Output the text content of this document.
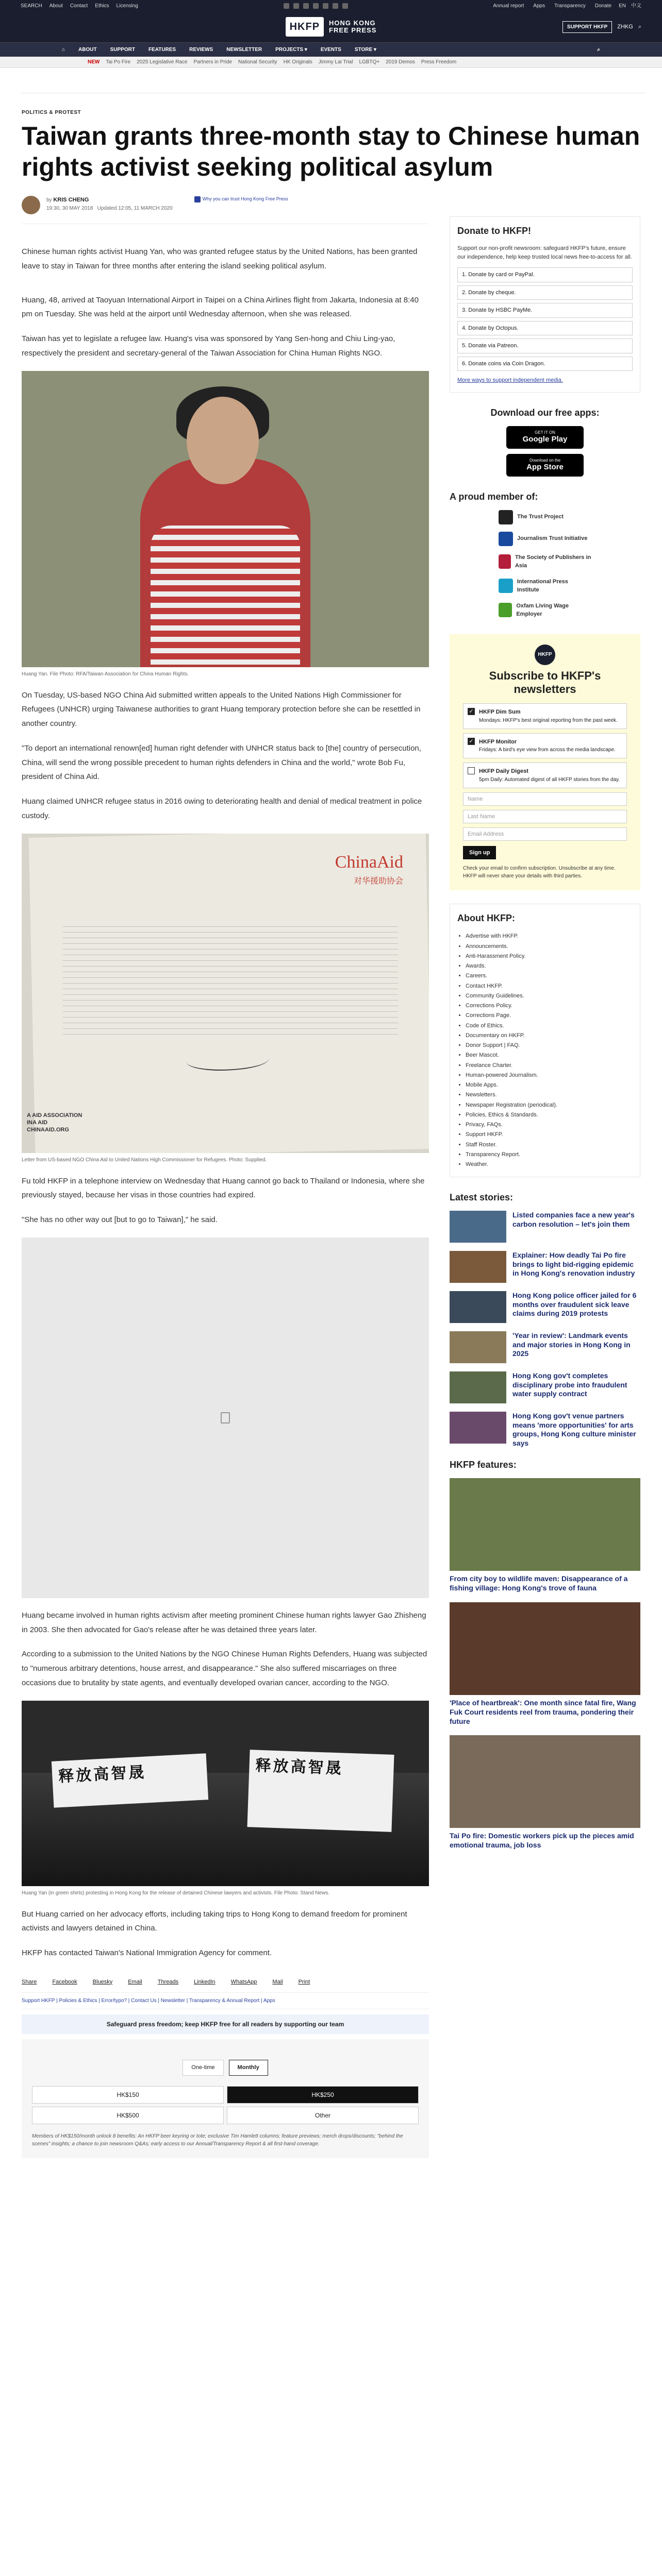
SEARCH About Contact Ethics Licensing	Annual report Apps Transparency Donate EN 中文
HKFP	HONG KONG
FREE PRESS	SUPPORT HKFP	ZHKG ⌕
⌂	ABOUT	SUPPORT	FEATURES	REVIEWS	NEWSLETTER	PROJECTS ▾	EVENTS	STORE ▾	⌕
NEW Tai Po Fire 2025 Legislative Race Partners in Pride National Security HK Originals Jimmy Lai Trial LGBTQ+ 2019 Demos Press Freedom
POLITICS & PROTEST
Taiwan grants three-month stay to Chinese human rights activist seeking political asylum
by KRIS CHENG
19:30, 30 MAY 2018 Updated 12:05, 11 MARCH 2020
Why you can trust Hong Kong Free Press

Chinese human rights activist Huang Yan, who was granted refugee status by the United Nations, has been granted leave to stay in Taiwan for three months after entering the island seeking political asylum.

Huang, 48, arrived at Taoyuan International Airport in Taipei on a China Airlines flight from Jakarta, Indonesia at 8:40 pm on Tuesday. She was held at the airport until Wednesday afternoon, when she was released.

Taiwan has yet to legislate a refugee law. Huang's visa was sponsored by Yang Sen-hong and Chiu Ling-yao, respectively the president and secretary-general of the Taiwan Association for China Human Rights NGO.

Huang Yan. File Photo: RFA/Taiwan Association for China Human Rights.

On Tuesday, US-based NGO China Aid submitted written appeals to the United Nations High Commissioner for Refugees (UNHCR) urging Taiwanese authorities to grant Huang temporary protection before she can be resettled in another country.

"To deport an international renown[ed] human right defender with UNHCR status back to [the] country of persecution, China, will send the wrong possible precedent to human rights defenders in China and the world," wrote Bob Fu, president of China Aid.

Huang claimed UNHCR refugee status in 2016 owing to deteriorating health and denial of medical treatment in police custody.

ChinaAid
对华援助协会
A AID ASSOCIATION
INA AID
CHINAAID.ORG
Letter from US-based NGO China Aid to United Nations High Commissioner for Refugees. Photo: Supplied.

Fu told HKFP in a telephone interview on Wednesday that Huang cannot go back to Thailand or Indonesia, where she previously stayed, because her visas in those countries had expired.

"She has no other way out [but to go to Taiwan]," he said.

Huang became involved in human rights activism after meeting prominent Chinese human rights lawyer Gao Zhisheng in 2003. She then advocated for Gao's release after he was detained three years later.

According to a submission to the United Nations by the NGO Chinese Human Rights Defenders, Huang was subjected to "numerous arbitrary detentions, house arrest, and disappearance." She also suffered miscarriages on three occasions due to brutality by state agents, and eventually developed ovarian cancer, according to the NGO.

释放高智晟	释放高智晟
Huang Yan (in green shirts) protesting in Hong Kong for the release of detained Chinese lawyers and activists. File Photo: Stand News.

But Huang carried on her advocacy efforts, including taking trips to Hong Kong to demand freedom for prominent activists and lawyers detained in China.

HKFP has contacted Taiwan's National Immigration Agency for comment.

Share	Facebook	Bluesky	Email	Threads	LinkedIn	WhatsApp	Mail	Print
Support HKFP | Policies & Ethics | Error/typo? | Contact Us | Newsletter | Transparency & Annual Report | Apps
Safeguard press freedom; keep HKFP free for all readers by supporting our team
One-time	Monthly
HK$150	HK$250
HK$500	Other
Members of HK$150/month unlock 8 benefits: An HKFP beer keyring or tote; exclusive Tim Hamlett columns; feature previews; merch drops/discounts; "behind the scenes" insights; a chance to join newsroom Q&As; early access to our Annual/Transparency Report & all first-hand coverage.
Donate to HKFP!
Support our non-profit newsroom: safeguard HKFP's future, ensure our independence, help keep trusted local news free-to-access for all.
1. Donate by card or PayPal.
2. Donate by cheque.
3. Donate by HSBC PayMe.
4. Donate by Octopus.
5. Donate via Patreon.
6. Donate coins via Coin Dragon.
More ways to support independent media.
Download our free apps:
GET IT ON
Google Play
Download on the
App Store
A proud member of:
The Trust Project
Journalism Trust Initiative
The Society of Publishers in Asia
International Press Institute
Oxfam Living Wage Employer
HKFP
Subscribe to HKFP's newsletters
✓ HKFP Dim Sum
Mondays: HKFP's best original reporting from the past week.
✓ HKFP Monitor
Fridays: A bird's eye view from across the media landscape.
HKFP Daily Digest
5pm Daily: Automated digest of all HKFP stories from the day.
Name
Last Name
Email Address
Sign up
Check your email to confirm subscription. Unsubscribe at any time. HKFP will never share your details with third parties.
About HKFP:
• Advertise with HKFP.
• Announcements.
• Anti-Harassment Policy.
• Awards.
• Careers.
• Contact HKFP.
• Community Guidelines.
• Corrections Policy.
• Corrections Page.
• Code of Ethics.
• Documentary on HKFP.
• Donor Support | FAQ.
• Beer Mascot.
• Freelance Charter.
• Human-powered Journalism.
• Mobile Apps.
• Newsletters.
• Newspaper Registration (periodical).
• Policies, Ethics & Standards.
• Privacy, FAQs.
• Support HKFP.
• Staff Roster.
• Transparency Report.
• Weather.
Latest stories:
Listed companies face a new year's carbon resolution – let's join them
Explainer: How deadly Tai Po fire brings to light bid-rigging epidemic in Hong Kong's renovation industry
Hong Kong police officer jailed for 6 months over fraudulent sick leave claims during 2019 protests
'Year in review': Landmark events and major stories in Hong Kong in 2025
Hong Kong gov't completes disciplinary probe into fraudulent water supply contract
Hong Kong gov't venue partners means 'more opportunities' for arts groups, Hong Kong culture minister says
HKFP features:
From city boy to wildlife maven: Disappearance of a fishing village: Hong Kong's trove of fauna
'Place of heartbreak': One month since fatal fire, Wang Fuk Court residents reel from trauma, pondering their future
Tai Po fire: Domestic workers pick up the pieces amid emotional trauma, job loss
